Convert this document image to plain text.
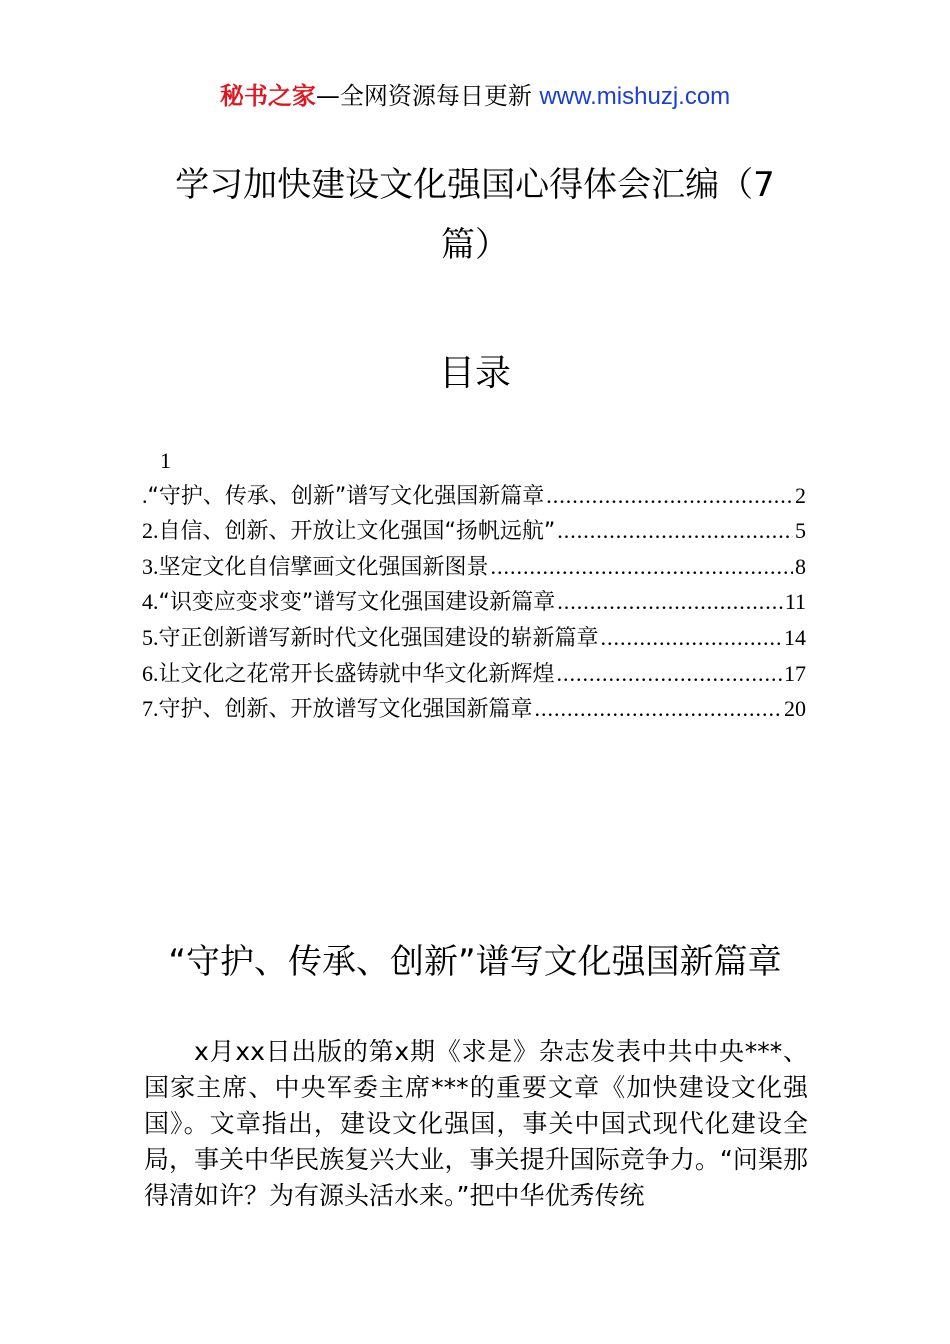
秘书之家—全网资源每日更新 www.mishuzj.com
学习加快建设文化强国心得体会汇编（7
篇）
目录
1
. “守护、传承、创新”谱写文化强国新篇章 .....	2
2. 自信、创新、开放让文化强国“扬帆远航” .....	5
3. 坚定文化自信擘画文化强国新图景 .....	8
4. “识变应变求变”谱写文化强国建设新篇章 .....	11
5. 守正创新谱写新时代文化强国建设的崭新篇章 .....	14
6. 让文化之花常开长盛铸就中华文化新辉煌 .....	17
7. 守护、创新、开放谱写文化强国新篇章 .....	20
“守护、传承、创新”谱写文化强国新篇章
x月xx日出版的第x期《求是》杂志发表中共中央***、国家主席、中央军委主席***的重要文章《加快建设文化强国》。文章指出，建设文化强国，事关中国式现代化建设全局，事关中华民族复兴大业，事关提升国际竞争力。“问渠那得清如许？为有源头活水来。”把中华优秀传统
